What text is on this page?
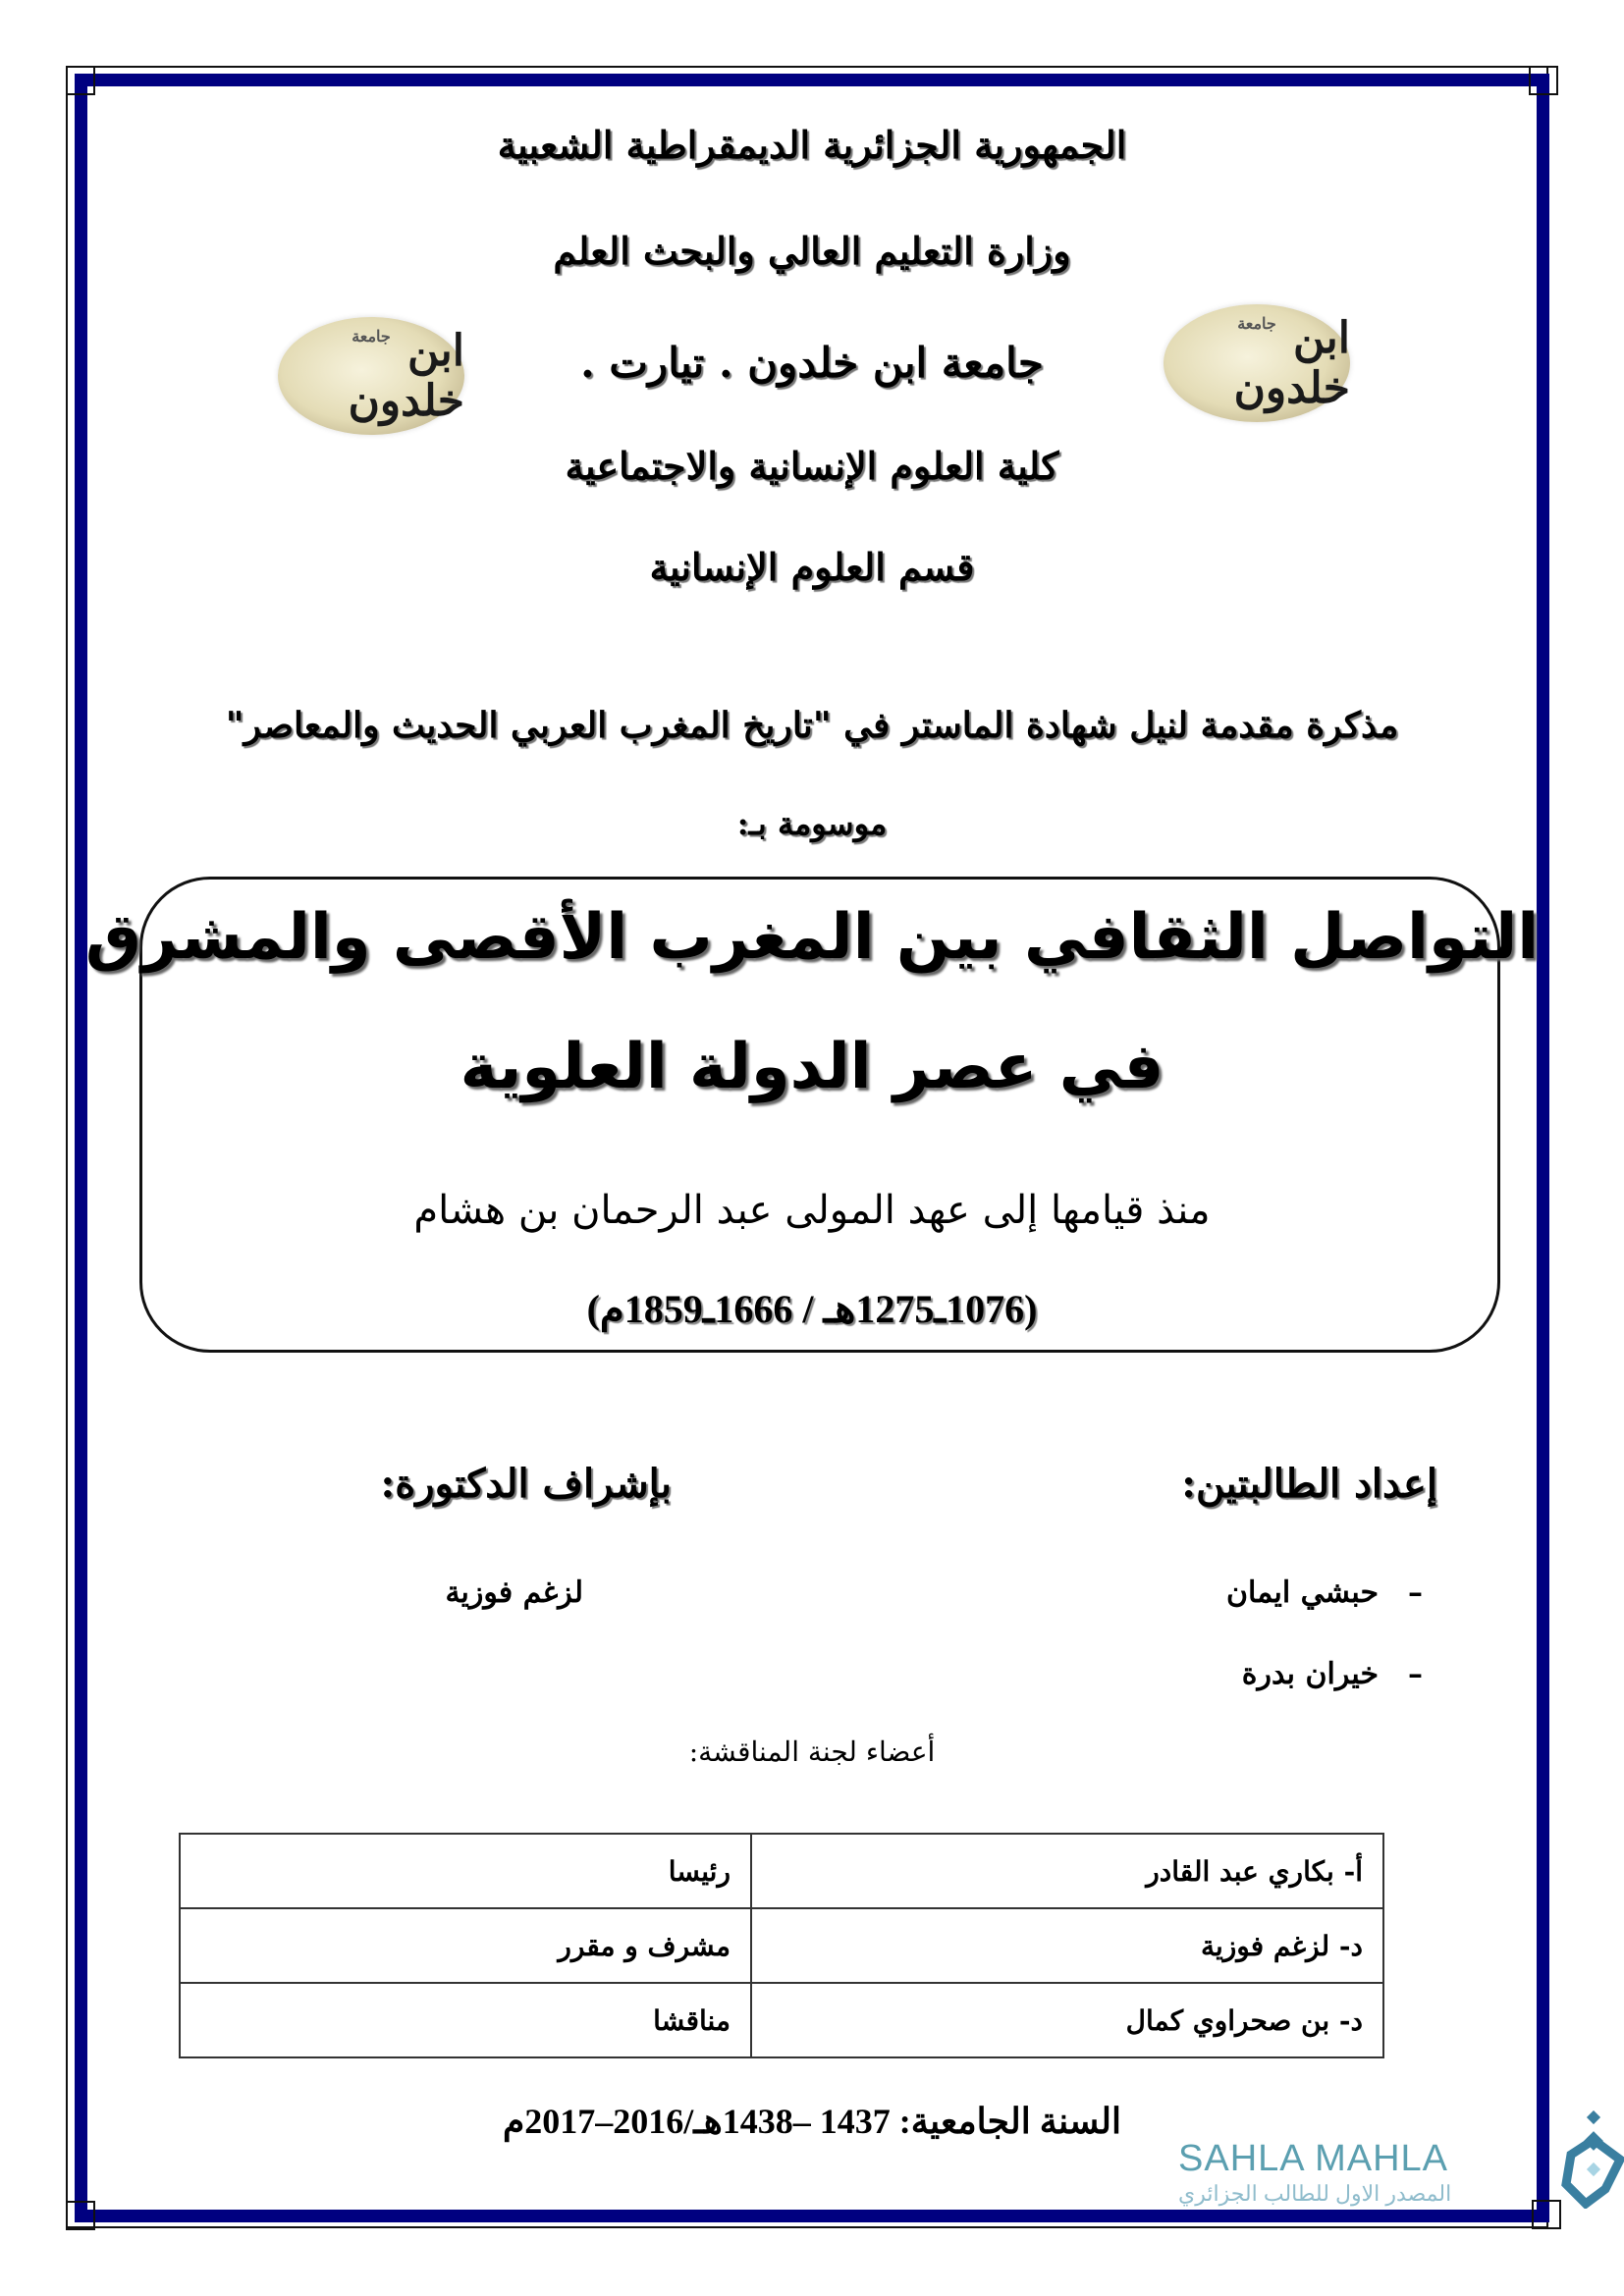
الجمهورية الجزائرية الديمقراطية الشعبية
وزارة التعليم العالي والبحث العلم
جامعة ابن خلدون
جامعة ابن خلدون
جامعة ابن خلدون . تيارت .
كلية العلوم الإنسانية والاجتماعية
قسم العلوم الإنسانية
مذكرة مقدمة لنيل شهادة الماستر في "تاريخ المغرب العربي الحديث والمعاصر"
موسومة بـ:
التواصل الثقافي بين المغرب الأقصى والمشرق
في عصر الدولة العلوية
منذ قيامها إلى عهد المولى عبد الرحمان بن هشام
(1076ـ1275هـ / 1666ـ1859م)
إعداد الطالبتين:
بإشراف الدكتورة:
–حبشي ايمان
–خيران بدرة
لزغم فوزية
أعضاء لجنة المناقشة:
أ- بكاري عبد القادر	رئيسا
د- لزغم فوزية	مشرف و مقرر
د- بن صحراوي كمال	مناقشا
السنة الجامعية: 1437 –1438هـ/2016–2017م
SAHLA MAHLA
المصدر الاول للطالب الجزائري
